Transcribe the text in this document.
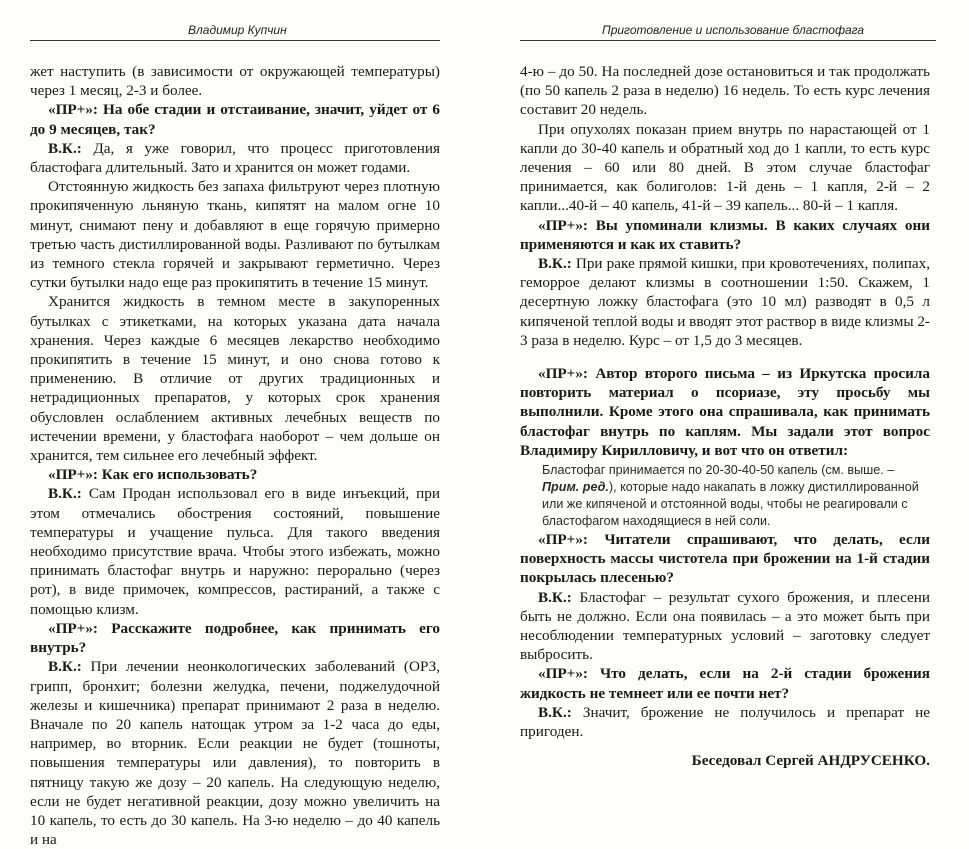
Владимир Купчин

жет наступить (в зависимости от окружающей температуры) через 1 месяц, 2-3 и более.

«ПР+»: На обе стадии и отстаивание, значит, уйдет от 6 до 9 месяцев, так?

В.К.: Да, я уже говорил, что процесс приготовления бластофага длительный. Зато и хранится он может годами.

Отстоянную жидкость без запаха фильтруют через плотную прокипяченную льняную ткань, кипятят на малом огне 10 минут, снимают пену и добавляют в еще горячую примерно третью часть дистиллированной воды. Разливают по бутылкам из темного стекла горячей и закрывают герметично. Через сутки бутылки надо еще раз прокипятить в течение 15 минут.

Хранится жидкость в темном месте в закупоренных бутылках с этикетками, на которых указана дата начала хранения. Через каждые 6 месяцев лекарство необходимо прокипятить в течение 15 минут, и оно снова готово к применению. В отличие от других традиционных и нетрадиционных препаратов, у которых срок хранения обусловлен ослаблением активных лечебных веществ по истечении времени, у бластофага наоборот – чем дольше он хранится, тем сильнее его лечебный эффект.

«ПР+»: Как его использовать?

В.К.: Сам Продан использовал его в виде инъекций, при этом отмечались обострения состояний, повышение температуры и учащение пульса. Для такого введения необходимо присутствие врача. Чтобы этого избежать, можно принимать бластофаг внутрь и наружно: перорально (через рот), в виде примочек, компрессов, растираний, а также с помощью клизм.

«ПР+»: Расскажите подробнее, как принимать его внутрь?

В.К.: При лечении неонкологических заболеваний (ОРЗ, грипп, бронхит; болезни желудка, печени, поджелудочной железы и кишечника) препарат принимают 2 раза в неделю. Вначале по 20 капель натощак утром за 1-2 часа до еды, например, во вторник. Если реакции не будет (тошноты, повышения температуры или давления), то повторить в пятницу такую же дозу – 20 капель. На следующую неделю, если не будет негативной реакции, дозу можно увеличить на 10 капель, то есть до 30 капель. На 3-ю неделю – до 40 капель и на

Приготовление и использование бластофага

4-ю – до 50. На последней дозе остановиться и так продолжать (по 50 капель 2 раза в неделю) 16 недель. То есть курс лечения составит 20 недель.

При опухолях показан прием внутрь по нарастающей от 1 капли до 30-40 капель и обратный ход до 1 капли, то есть курс лечения – 60 или 80 дней. В этом случае бластофаг принимается, как болиголов: 1-й день – 1 капля, 2-й – 2 капли...40-й – 40 капель, 41-й – 39 капель... 80-й – 1 капля.

«ПР+»: Вы упоминали клизмы. В каких случаях они применяются и как их ставить?

В.К.: При раке прямой кишки, при кровотечениях, полипах, геморрое делают клизмы в соотношении 1:50. Скажем, 1 десертную ложку бластофага (это 10 мл) разводят в 0,5 л кипяченой теплой воды и вводят этот раствор в виде клизмы 2-3 раза в неделю. Курс – от 1,5 до 3 месяцев.

«ПР+»: Автор второго письма – из Иркутска просила повторить материал о псориазе, эту просьбу мы выполнили. Кроме этого она спрашивала, как принимать бластофаг внутрь по каплям. Мы задали этот вопрос Владимиру Кирилловичу, и вот что он ответил:

Бластофаг принимается по 20-30-40-50 капель (см. выше. – Прим. ред.), которые надо накапать в ложку дистиллированной или же кипяченой и отстоянной воды, чтобы не реагировали с бластофагом находящиеся в ней соли.

«ПР+»: Читатели спрашивают, что делать, если поверхность массы чистотела при брожении на 1-й стадии покрылась плесенью?

В.К.: Бластофаг – результат сухого брожения, и плесени быть не должно. Если она появилась – а это может быть при несоблюдении температурных условий – заготовку следует выбросить.

«ПР+»: Что делать, если на 2-й стадии брожения жидкость не темнеет или ее почти нет?

В.К.: Значит, брожение не получилось и препарат не пригоден.

Беседовал Сергей АНДРУСЕНКО.
